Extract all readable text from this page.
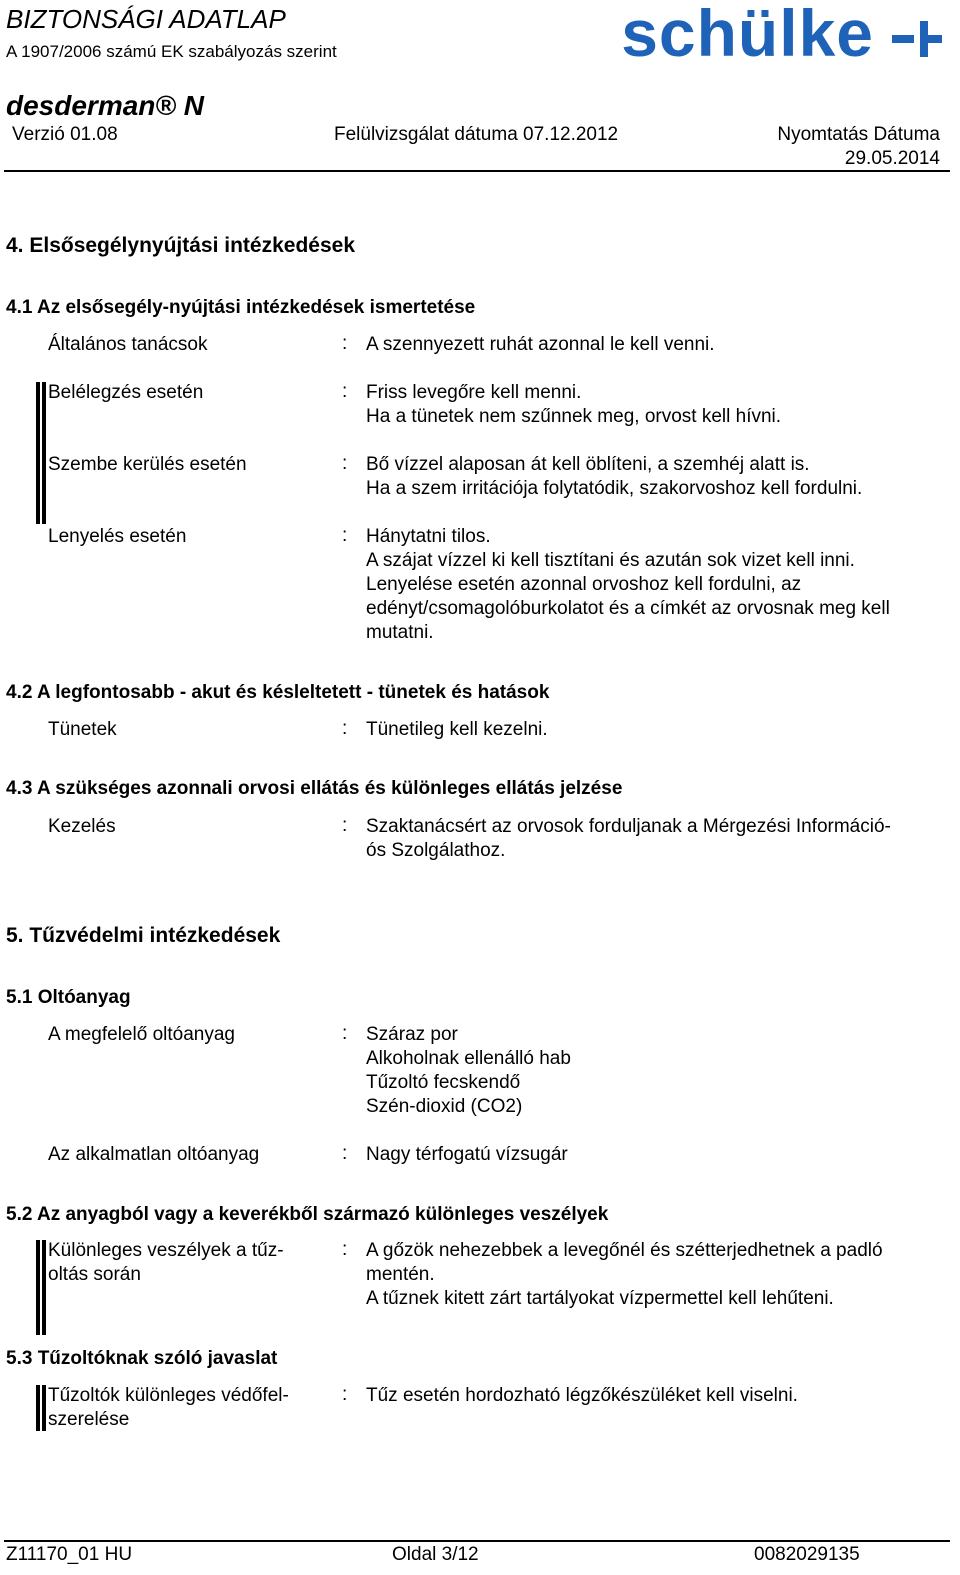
BIZTONSÁGI ADATLAP
A 1907/2006 számú EK szabályozás szerint	schülke
desderman® N
Verzió 01.08	Felülvizsgálat dátuma 07.12.2012	Nyomtatás Dátuma
29.05.2014
4. Elsősegélynyújtási intézkedések
4.1 Az elsősegély-nyújtási intézkedések ismertetése
Általános tanácsok	: A szennyezett ruhát azonnal le kell venni.
Belélegzés esetén	: Friss levegőre kell menni.
Ha a tünetek nem szűnnek meg, orvost kell hívni.
Szembe kerülés esetén	: Bő vízzel alaposan át kell öblíteni, a szemhéj alatt is.
Ha a szem irritációja folytatódik, szakorvoshoz kell fordulni.
Lenyelés esetén	: Hánytatni tilos.
A szájat vízzel ki kell tisztítani és azután sok vizet kell inni.
Lenyelése esetén azonnal orvoshoz kell fordulni, az
edényt/csomagolóburkolatot és a címkét az orvosnak meg kell
mutatni.
4.2 A legfontosabb - akut és késleltetett - tünetek és hatások
Tünetek	: Tünetileg kell kezelni.
4.3 A szükséges azonnali orvosi ellátás és különleges ellátás jelzése
Kezelés	: Szaktanácsért az orvosok forduljanak a Mérgezési Információ-
ós Szolgálathoz.
5. Tűzvédelmi intézkedések
5.1 Oltóanyag
A megfelelő oltóanyag	: Száraz por
Alkoholnak ellenálló hab
Tűzoltó fecskendő
Szén-dioxid (CO2)
Az alkalmatlan oltóanyag	: Nagy térfogatú vízsugár
5.2 Az anyagból vagy a keverékből származó különleges veszélyek
Különleges veszélyek a tűz-
oltás során
: A gőzök nehezebbek a levegőnél és szétterjedhetnek a padló
mentén.
A tűznek kitett zárt tartályokat vízpermettel kell lehűteni.
5.3 Tűzoltóknak szóló javaslat
Tűzoltók különleges védőfel-
szerelése
: Tűz esetén hordozható légzőkészüléket kell viselni.
Z11170_01 HU	Oldal 3/12	0082029135
